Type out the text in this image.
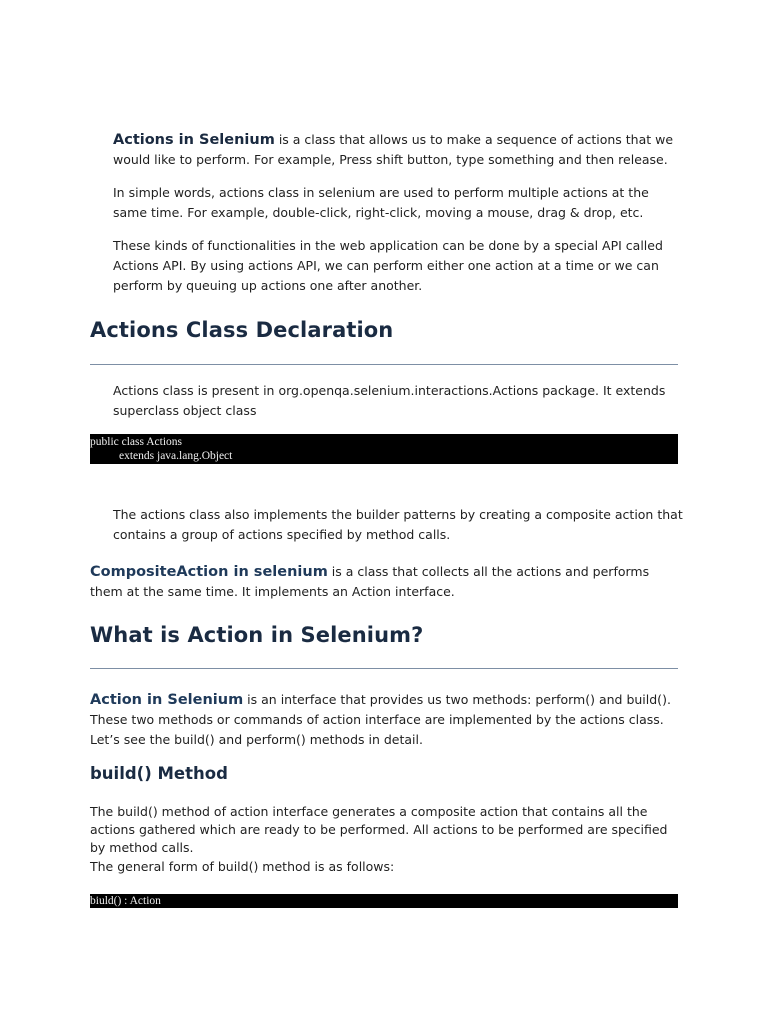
Actions in Selenium is a class that allows us to make a sequence of actions that we would like to perform. For example, Press shift button, type something and then release.

In simple words, actions class in selenium are used to perform multiple actions at the same time. For example, double-click, right-click, moving a mouse, drag & drop, etc.

These kinds of functionalities in the web application can be done by a special API called Actions API. By using actions API, we can perform either one action at a time or we can perform by queuing up actions one after another.

Actions Class Declaration

Actions class is present in org.openqa.selenium.interactions.Actions package. It extends superclass object class

public class Actions
extends java.lang.Object

The actions class also implements the builder patterns by creating a composite action that contains a group of actions specified by method calls.

CompositeAction in selenium is a class that collects all the actions and performs them at the same time. It implements an Action interface.

What is Action in Selenium?

Action in Selenium is an interface that provides us two methods: perform() and build(). These two methods or commands of action interface are implemented by the actions class. Let’s see the build() and perform() methods in detail.

build() Method

The build() method of action interface generates a composite action that contains all the actions gathered which are ready to be performed. All actions to be performed are specified by method calls.

The general form of build() method is as follows:

biuld() : Action
